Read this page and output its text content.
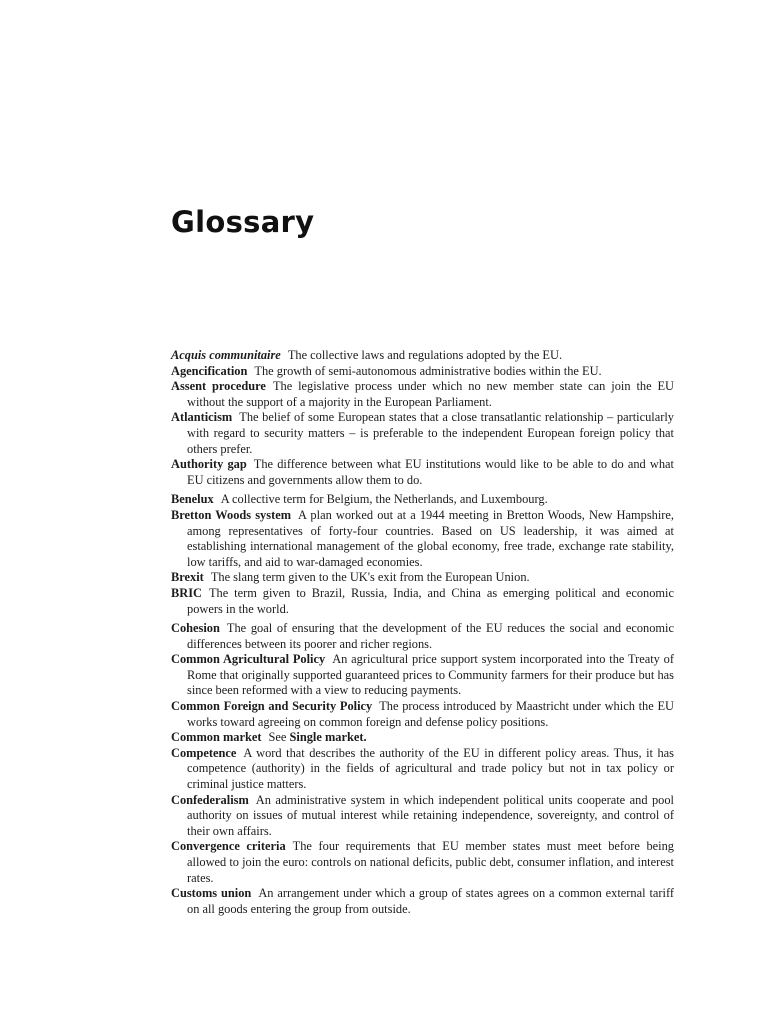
Glossary

Acquis communitaire The collective laws and regulations adopted by the EU.

Agencification The growth of semi-autonomous administrative bodies within the EU.

Assent procedure The legislative process under which no new member state can join the EU without the support of a majority in the European Parliament.

Atlanticism The belief of some European states that a close transatlantic relationship – particularly with regard to security matters – is preferable to the independent European foreign policy that others prefer.

Authority gap The difference between what EU institutions would like to be able to do and what EU citizens and governments allow them to do.

Benelux A collective term for Belgium, the Netherlands, and Luxembourg.

Bretton Woods system A plan worked out at a 1944 meeting in Bretton Woods, New Hampshire, among representatives of forty-four countries. Based on US leadership, it was aimed at establishing international management of the global economy, free trade, exchange rate stability, low tariffs, and aid to war-damaged economies.

Brexit The slang term given to the UK's exit from the European Union.

BRIC The term given to Brazil, Russia, India, and China as emerging political and economic powers in the world.

Cohesion The goal of ensuring that the development of the EU reduces the social and economic differences between its poorer and richer regions.

Common Agricultural Policy An agricultural price support system incorporated into the Treaty of Rome that originally supported guaranteed prices to Community farmers for their produce but has since been reformed with a view to reducing payments.

Common Foreign and Security Policy The process introduced by Maastricht under which the EU works toward agreeing on common foreign and defense policy positions.

Common market See Single market.

Competence A word that describes the authority of the EU in different policy areas. Thus, it has competence (authority) in the fields of agricultural and trade policy but not in tax policy or criminal justice matters.

Confederalism An administrative system in which independent political units cooperate and pool authority on issues of mutual interest while retaining independence, sovereignty, and control of their own affairs.

Convergence criteria The four requirements that EU member states must meet before being allowed to join the euro: controls on national deficits, public debt, consumer inflation, and interest rates.

Customs union An arrangement under which a group of states agrees on a common external tariff on all goods entering the group from outside.
